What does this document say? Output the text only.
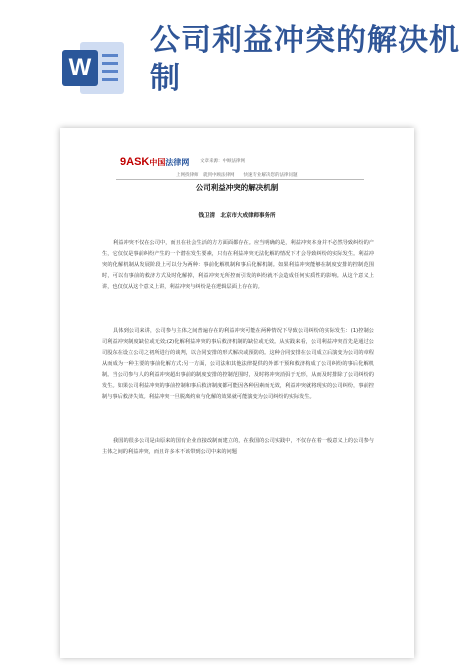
W
公司利益冲突的解决机制
9ASK中国法律网 文章来源：中顾法律网
上网找律师　就到中顾法律网　　快速专业解决您的法律问题
公司利益冲突的解决机制
钱卫清　北京市大成律师事务所

利益冲突不仅在公司中，而且在社会生活的方方面面都存在。应当明确的是，利益冲突本身并不必然导致纠纷的产生，它仅仅是事前纠纷产生的一个潜在发生要素，只有在利益冲突无法化解的情况下才会导致纠纷的实际发生。利益冲突的化解机制从发展阶段上可以分为两种：事前化解机制和事后化解机制。如果利益冲突能够在制度安排的控制范围时，可以有事前的救济方式及时化解掉，利益冲突无所控而引发的纠纷就不会造成任何实质性的影响。从这个意义上讲，也仅仅从这个意义上讲，利益冲突与纠纷是在逻辑层面上存在的。

具体到公司来讲，公司参与主体之间普遍存在的利益冲突可能在两种情况下导致公司纠纷的实际发生：(1)控制公司利益冲突制度缺位或无效;(2)化解利益冲突的事后救济机制的缺位或无效。从实践来看，公司利益冲突首先是通过公司股东在设立公司之初所进行的谈判，以合同安排的形式解决或预防的。这种合同安排在公司成立后演变为公司的章程从而成为一种主要的事前化解方式;另一方面，公司法和其他法律提供的外部干预和救济构成了公司纠纷的事后化解机制。当公司参与人的利益冲突超出事前的制度安排的控制范围时，及时将冲突消弭于无形，从而及时排除了公司纠纷的发生。如果公司利益冲突的事前控制和事后救济制度都可能因各种因素而无效，利益冲突就将现实的公司纠纷，事前控制与事后救济失效。利益冲突一旦脱离约束与化解的效果就可能演变为公司纠纷的实际发生。

我国的很多公司是由原来的国有企业直接改制而建立的，在我国的公司实践中，不仅存在着一般意义上的公司参与主体之间的利益冲突，而且许多本不该带到公司中来的问题
